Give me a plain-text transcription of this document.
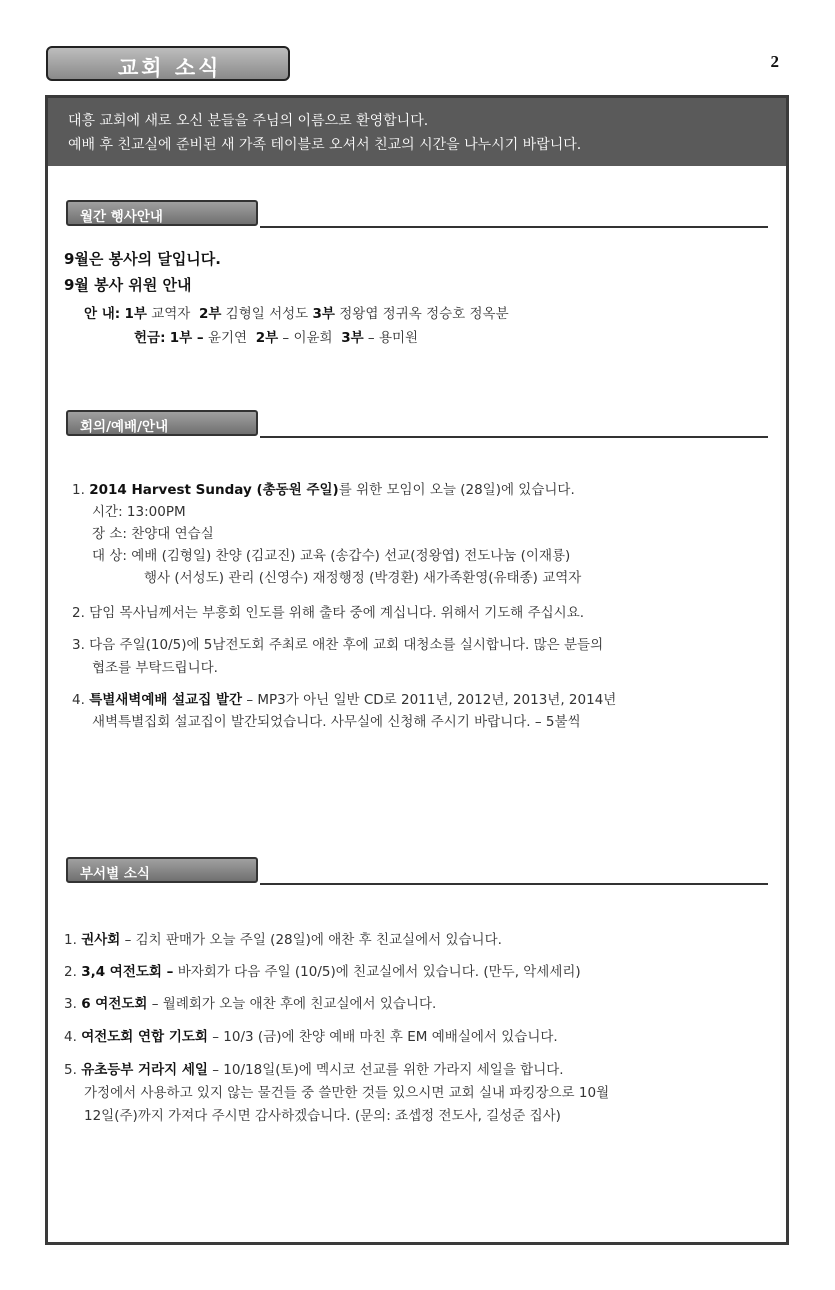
교회 소식	2
대흥 교회에 새로 오신 분들을 주님의 이름으로 환영합니다.
예배 후 친교실에 준비된 새 가족 테이블로 오셔서 친교의 시간을 나누시기 바랍니다.
월간 행사안내
9월은 봉사의 달입니다.
9월 봉사 위원 안내
안 내: 1부 교역자 2부 김형일 서성도 3부 정왕엽 정귀옥 정승호 정옥분
헌금: 1부 – 윤기연 2부 – 이윤희 3부 – 용미원
회의/예배/안내
1. 2014 Harvest Sunday (총동원 주일)를 위한 모임이 오늘 (28일)에 있습니다.
시간: 13:00PM
장 소: 찬양대 연습실
대 상: 예배 (김형일) 찬양 (김교진) 교육 (송갑수) 선교(정왕엽) 전도나눔 (이재룡)
행사 (서성도) 관리 (신영수) 재정행정 (박경환) 새가족환영(유태종) 교역자
2. 담임 목사님께서는 부흥회 인도를 위해 출타 중에 계십니다. 위해서 기도해 주십시요.
3. 다음 주일(10/5)에 5남전도회 주최로 애찬 후에 교회 대청소를 실시합니다. 많은 분들의
협조를 부탁드립니다.
4. 특별새벽예배 설교집 발간 – MP3가 아닌 일반 CD로 2011년, 2012년, 2013년, 2014년
새벽특별집회 설교집이 발간되었습니다. 사무실에 신청해 주시기 바랍니다. – 5불씩
부서별 소식
1. 권사회 – 김치 판매가 오늘 주일 (28일)에 애찬 후 친교실에서 있습니다.
2. 3,4 여전도회 – 바자회가 다음 주일 (10/5)에 친교실에서 있습니다. (만두, 악세세리)
3. 6 여전도회 – 월례회가 오늘 애찬 후에 친교실에서 있습니다.
4. 여전도회 연합 기도회 – 10/3 (금)에 찬양 예배 마친 후 EM 예배실에서 있습니다.
5. 유초등부 거라지 세일 – 10/18일(토)에 멕시코 선교를 위한 가라지 세일을 합니다.
가정에서 사용하고 있지 않는 물건들 중 쓸만한 것들 있으시면 교회 실내 파킹장으로 10월
12일(주)까지 가져다 주시면 감사하겠습니다. (문의: 죠셉정 전도사, 길성준 집사)
